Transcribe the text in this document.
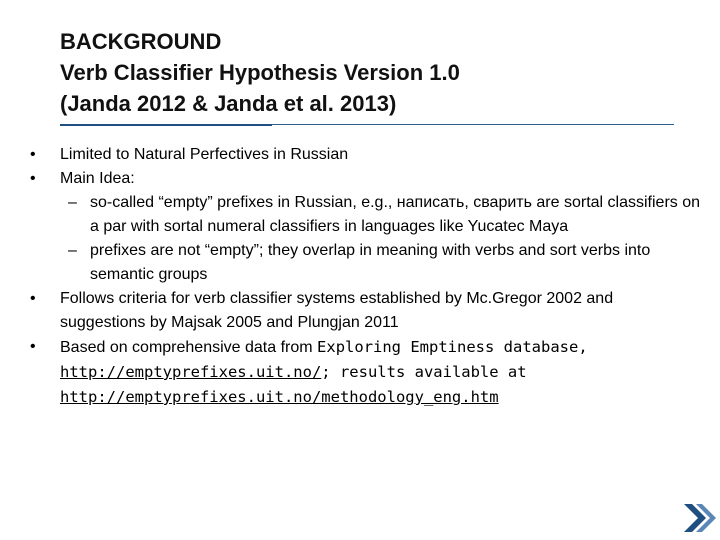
BACKGROUND
Verb Classifier Hypothesis Version 1.0
(Janda 2012 & Janda et al. 2013)
• Limited to Natural Perfectives in Russian
• Main Idea:
– so-called “empty” prefixes in Russian, e.g., написать, сварить are sortal classifiers on a par with sortal numeral classifiers in languages like Yucatec Maya
– prefixes are not “empty”; they overlap in meaning with verbs and sort verbs into semantic groups
• Follows criteria for verb classifier systems established by Mc.Gregor 2002 and suggestions by Majsak 2005 and Plungjan 2011
• Based on comprehensive data from Exploring Emptiness database,
http://emptyprefixes.uit.no/; results available at
http://emptyprefixes.uit.no/methodology_eng.htm
